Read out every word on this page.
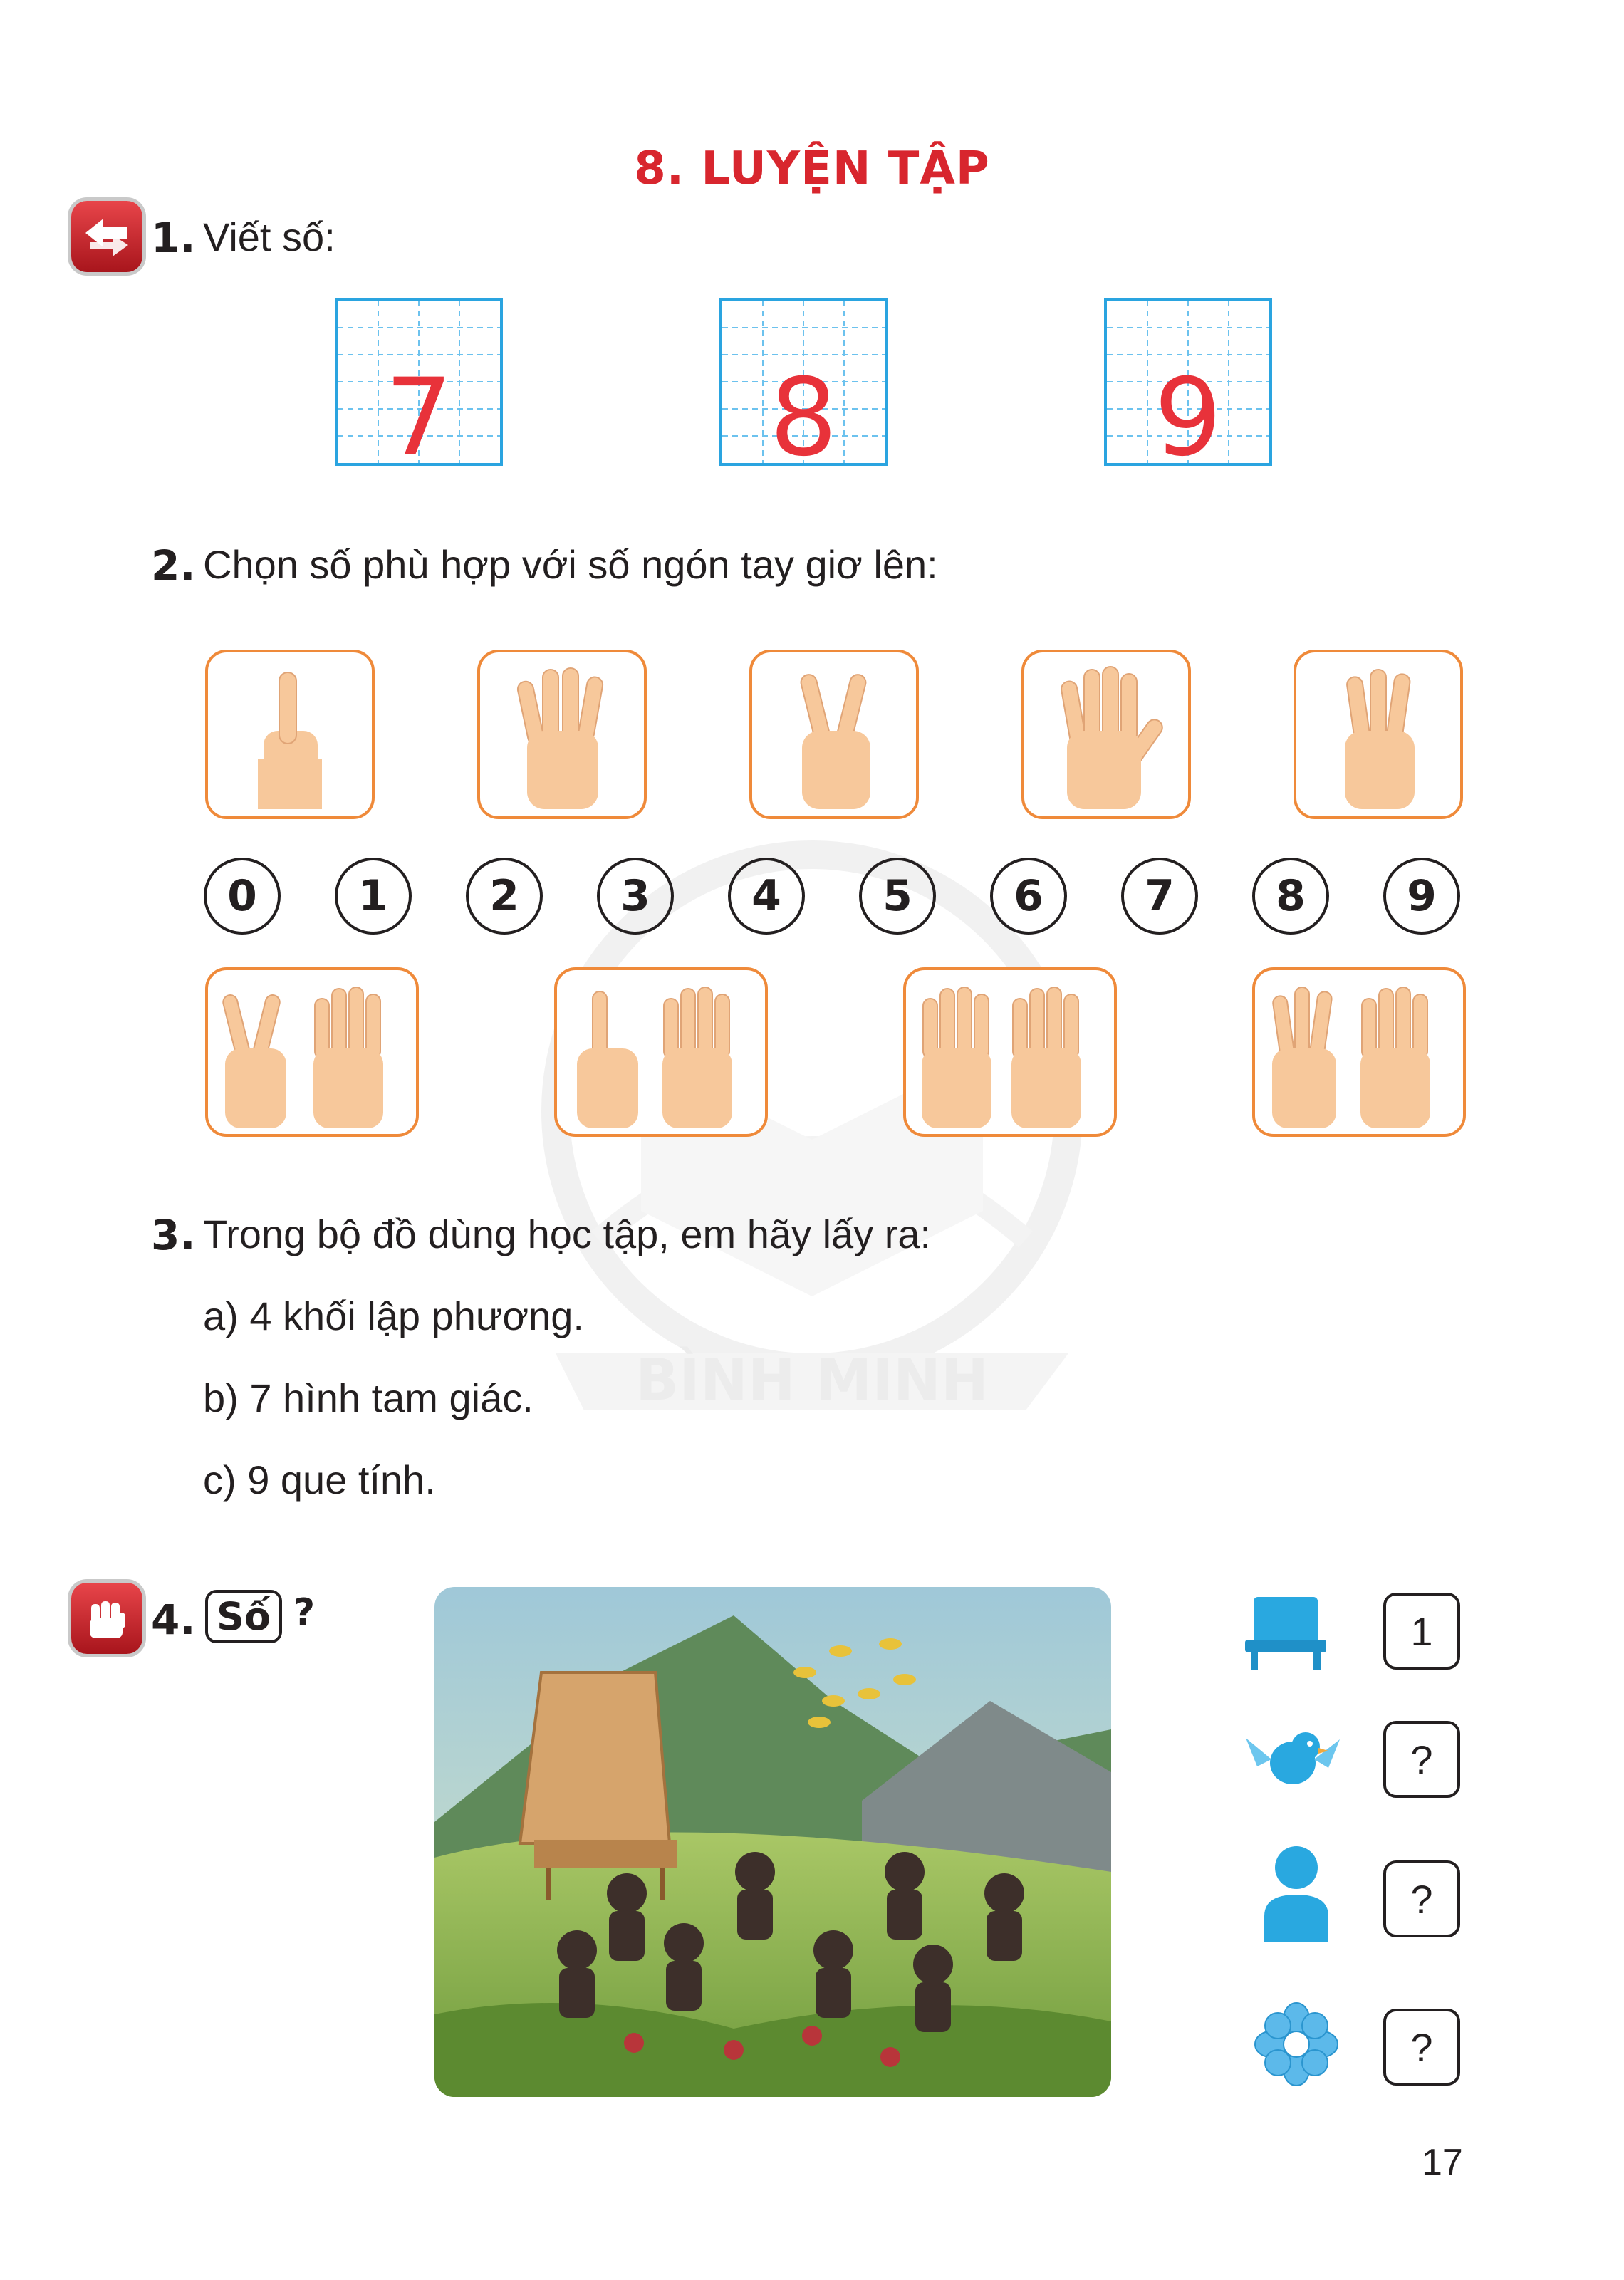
BÌNH MINH
8. LUYỆN TẬP
1. Viết số:
7	8	9
2. Chọn số phù hợp với số ngón tay giơ lên:
0	1	2	3	4	5	6	7	8	9
3. Trong bộ đồ dùng học tập, em hãy lấy ra:
a) 4 khối lập phương.
b) 7 hình tam giác.
c) 9 que tính.
4. Số ?	1
?
?
?
17
